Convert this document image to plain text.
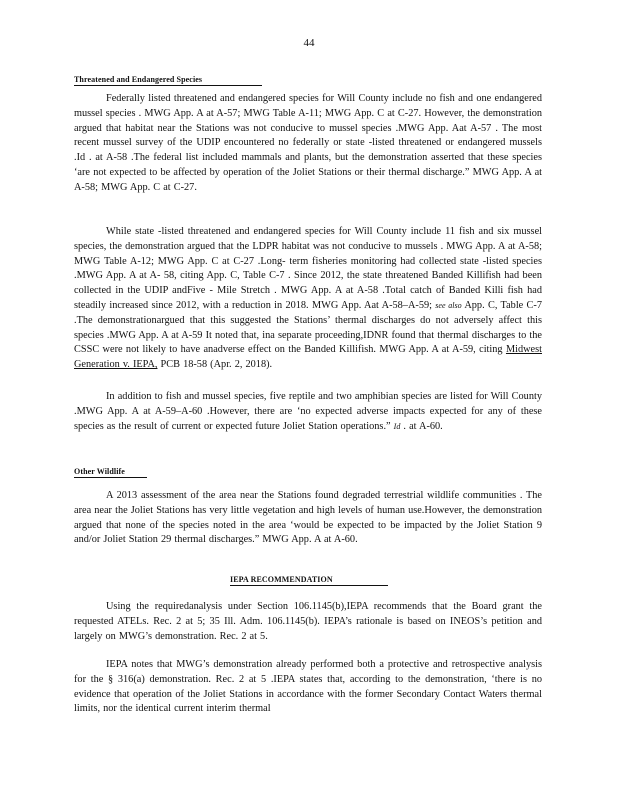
44
Threatened and Endangered Species

Federally listed threatened and endangered species for Will County include no fish and one endangered mussel species . MWG App. A at A-57; MWG Table A-11; MWG App. C at C-27. However, the demonstration argued that habitat near the Stations was not conducive to mussel species .MWG App. Aat A-57 . The most recent mussel survey of the UDIP encountered no federally or state -listed threatened or endangered mussels .Id . at A-58 .The federal list included mammals and plants, but the demonstration asserted that these species ‘are not expected to be affected by operation of the Joliet Stations or their thermal discharge.” MWG App. A at A-58; MWG App. C at C-27.

While state -listed threatened and endangered species for Will County include 11 fish and six mussel species, the demonstration argued that the LDPR habitat was not conducive to mussels . MWG App. A at A-58; MWG Table A-12; MWG App. C at C-27 .Long- term fisheries monitoring had collected state -listed species .MWG App. A at A- 58, citing App. C, Table C-7 . Since 2012, the state threatened Banded Killifish had been collected in the UDIP andFive - Mile Stretch . MWG App. A at A-58 .Total catch of Banded Killi fish had steadily increased since 2012, with a reduction in 2018. MWG App. Aat A-58–A-59; see also App. C, Table C-7 .The demonstrationargued that this suggested the Stations’ thermal discharges do not adversely affect this species .MWG App. A at A-59 It noted that, ina separate proceeding,IDNR found that thermal discharges to the CSSC were not likely to have anadverse effect on the Banded Killifish. MWG App. A at A-59, citing Midwest Generation v. IEPA, PCB 18-58 (Apr. 2, 2018).

In addition to fish and mussel species, five reptile and two amphibian species are listed for Will County .MWG App. A at A-59–A-60 .However, there are ‘no expected adverse impacts expected for any of these species as the result of current or expected future Joliet Station operations.” Id . at A-60.

Other Wildlife

A 2013 assessment of the area near the Stations found degraded terrestrial wildlife communities . The area near the Joliet Stations has very little vegetation and high levels of human use.However, the demonstration argued that none of the species noted in the area ‘would be expected to be impacted by the Joliet Station 9 and/or Joliet Station 29 thermal discharges.” MWG App. A at A-60.

IEPA RECOMMENDATION

Using the requiredanalysis under Section 106.1145(b),IEPA recommends that the Board grant the requested ATELs. Rec. 2 at 5; 35 Ill. Adm. 106.1145(b). IEPA’s rationale is based on INEOS’s petition and largely on MWG’s demonstration. Rec. 2 at 5.

IEPA notes that MWG’s demonstration already performed both a protective and retrospective analysis for the § 316(a) demonstration. Rec. 2 at 5 .IEPA states that, according to the demonstration, ‘there is no evidence that operation of the Joliet Stations in accordance with the former Secondary Contact Waters thermal limits, nor the identical current interim thermal
